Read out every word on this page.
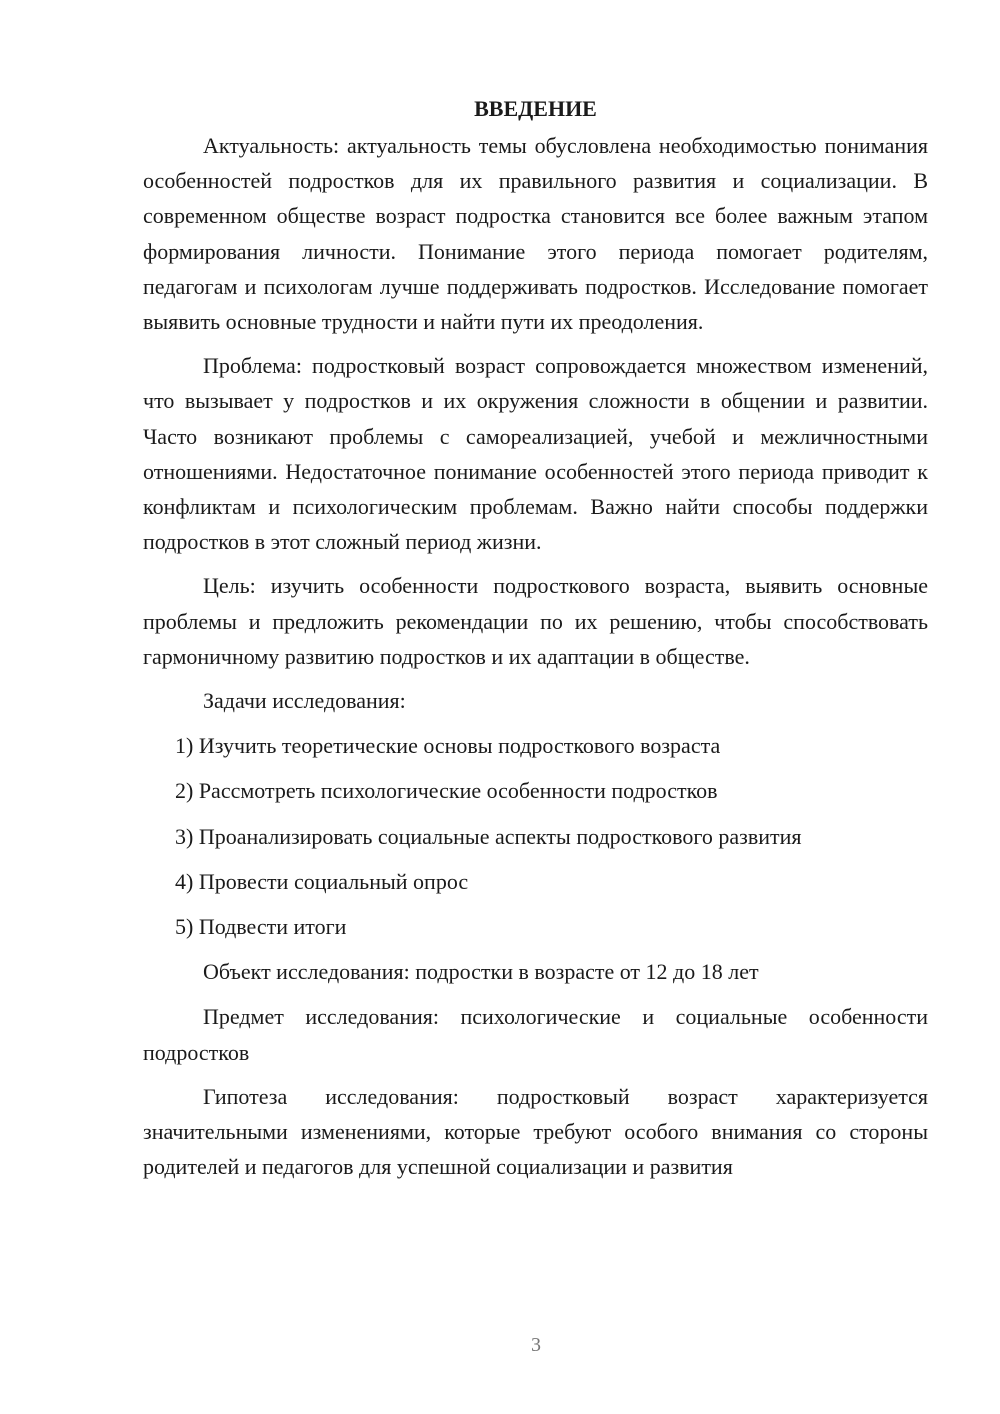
ВВЕДЕНИЕ

Актуальность: актуальность темы обусловлена необходимостью понимания особенностей подростков для их правильного развития и социализации. В современном обществе возраст подростка становится все более важным этапом формирования личности. Понимание этого периода помогает родителям, педагогам и психологам лучше поддерживать подростков. Исследование помогает выявить основные трудности и найти пути их преодоления.

Проблема: подростковый возраст сопровождается множеством изменений, что вызывает у подростков и их окружения сложности в общении и развитии. Часто возникают проблемы с самореализацией, учебой и межличностными отношениями. Недостаточное понимание особенностей этого периода приводит к конфликтам и психологическим проблемам. Важно найти способы поддержки подростков в этот сложный период жизни.

Цель: изучить особенности подросткового возраста, выявить основные проблемы и предложить рекомендации по их решению, чтобы способствовать гармоничному развитию подростков и их адаптации в обществе.

Задачи исследования:

1) Изучить теоретические основы подросткового возраста
2) Рассмотреть психологические особенности подростков
3) Проанализировать социальные аспекты подросткового развития
4) Провести социальный опрос
5) Подвести итоги

Объект исследования: подростки в возрасте от 12 до 18 лет

Предмет исследования: психологические и социальные особенности подростков

Гипотеза исследования: подростковый возраст характеризуется значительными изменениями, которые требуют особого внимания со стороны родителей и педагогов для успешной социализации и развития

3
